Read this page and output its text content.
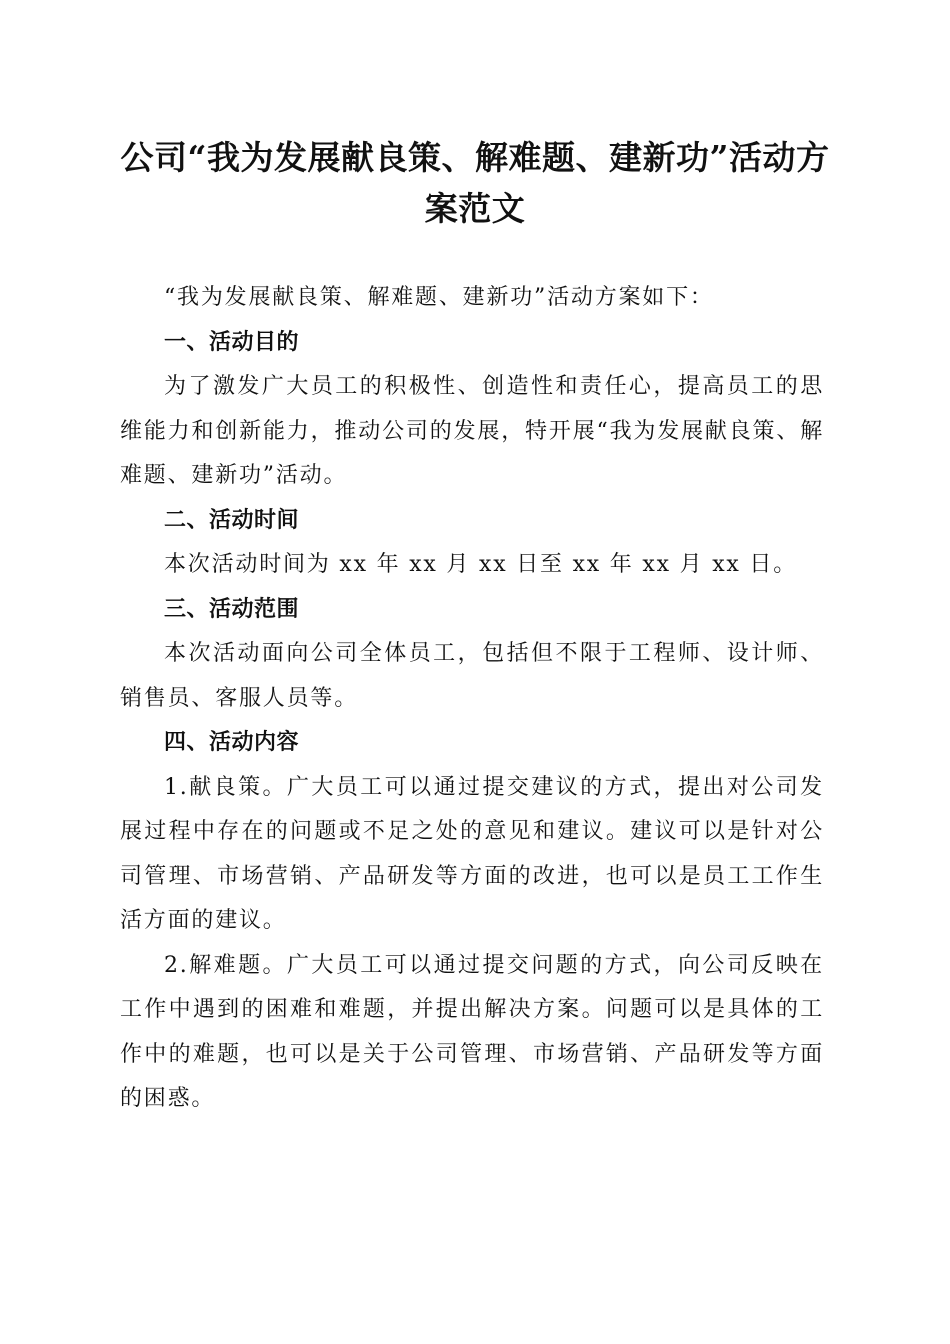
公司“我为发展献良策、解难题、建新功”活动方案范文

“我为发展献良策、解难题、建新功”活动方案如下：

一、活动目的

为了激发广大员工的积极性、创造性和责任心，提高员工的思维能力和创新能力，推动公司的发展，特开展“我为发展献良策、解难题、建新功”活动。

二、活动时间

本次活动时间为 xx 年 xx 月 xx 日至 xx 年 xx 月 xx 日。

三、活动范围

本次活动面向公司全体员工，包括但不限于工程师、设计师、销售员、客服人员等。

四、活动内容

1.献良策。广大员工可以通过提交建议的方式，提出对公司发展过程中存在的问题或不足之处的意见和建议。建议可以是针对公司管理、市场营销、产品研发等方面的改进，也可以是员工工作生活方面的建议。

2.解难题。广大员工可以通过提交问题的方式，向公司反映在工作中遇到的困难和难题，并提出解决方案。问题可以是具体的工作中的难题，也可以是关于公司管理、市场营销、产品研发等方面的困惑。
